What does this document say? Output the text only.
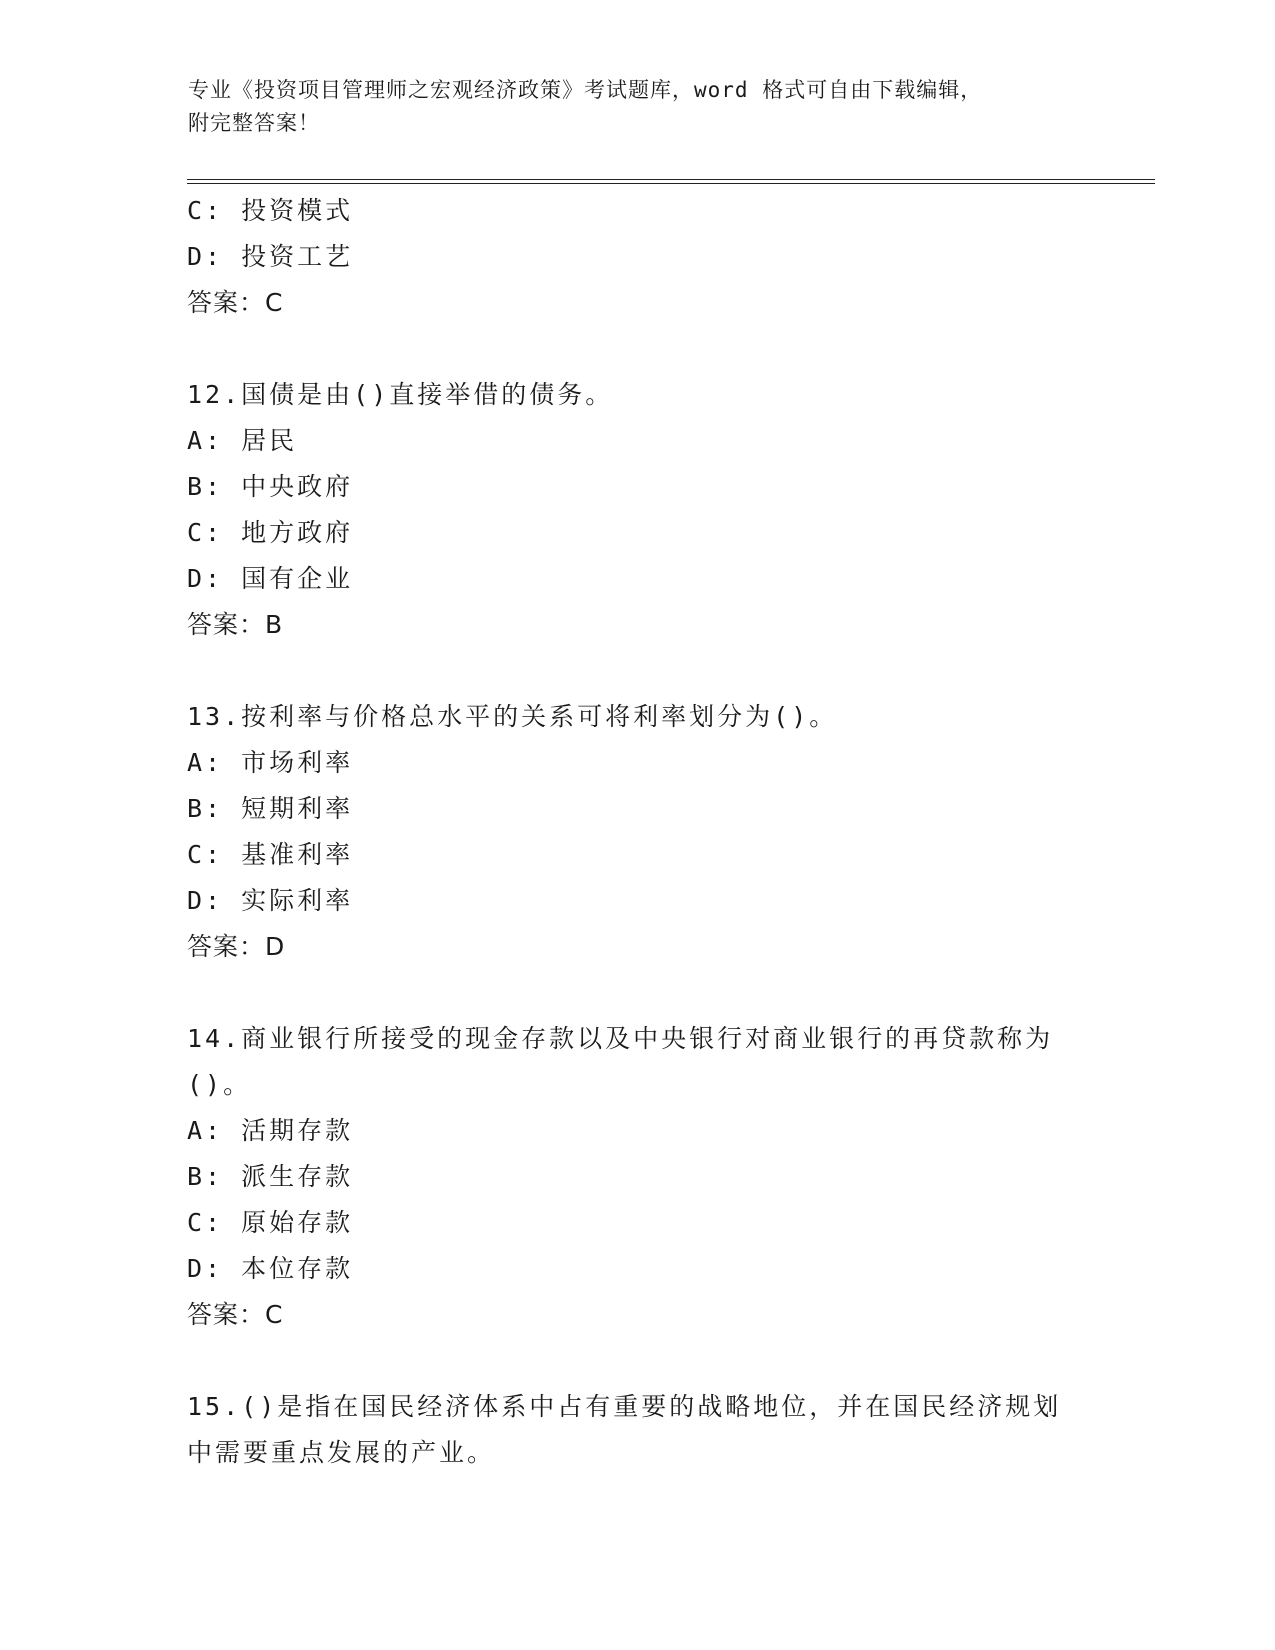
专业《投资项目管理师之宏观经济政策》考试题库，word 格式可自由下载编辑，
附完整答案！
C: 投资模式
D: 投资工艺
答案：C
12.国债是由()直接举借的债务。
A: 居民
B: 中央政府
C: 地方政府
D: 国有企业
答案：B
13.按利率与价格总水平的关系可将利率划分为()。
A: 市场利率
B: 短期利率
C: 基准利率
D: 实际利率
答案：D
14.商业银行所接受的现金存款以及中央银行对商业银行的再贷款称为
()。
A: 活期存款
B: 派生存款
C: 原始存款
D: 本位存款
答案：C
15.()是指在国民经济体系中占有重要的战略地位，并在国民经济规划
中需要重点发展的产业。
